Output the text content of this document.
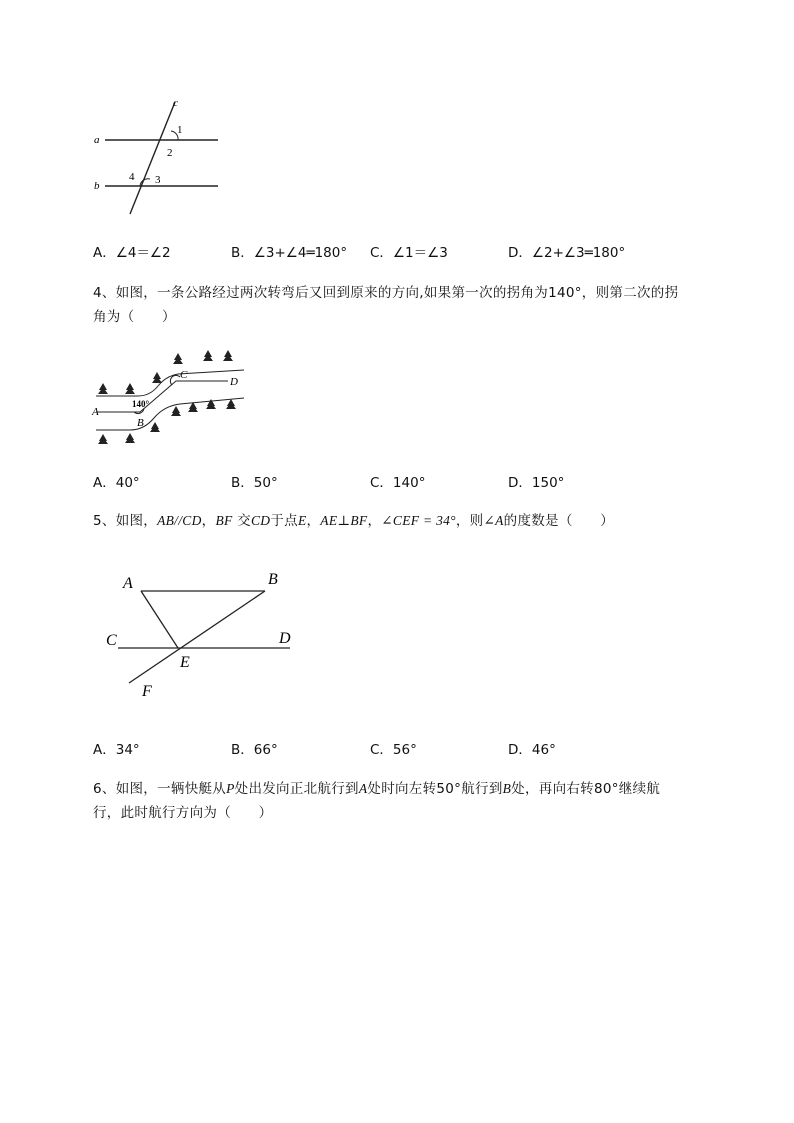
c
a
b
1
2
3
4
A．∠4＝∠2	B．∠3+∠4═180° C．∠1＝∠3	D．∠2+∠3═180°
4、如图，一条公路经过两次转弯后又回到原来的方向,如果第一次的拐角为140°，则第二次的拐
角为（　　）
A
B
C
D
140°
A．40°	B．50°	C．140°	D．150°
5、如图，AB//CD，BF 交CD于点E，AE⊥BF，∠CEF = 34°，则∠A的度数是（　　）
A	B
C	D
E
F
A．34°	B．66°	C．56°	D．46°
6、如图，一辆快艇从P处出发向正北航行到A处时向左转50°航行到B处，再向右转80°继续航
行，此时航行方向为（　　）
